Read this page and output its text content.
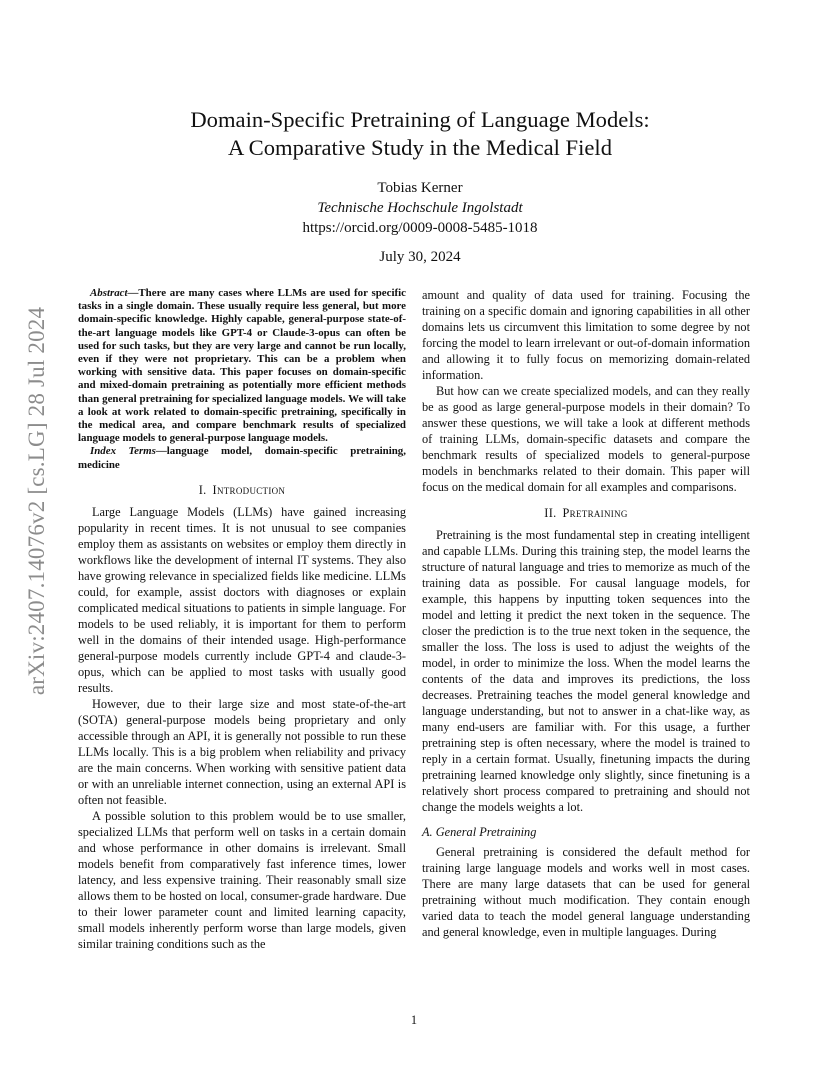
arXiv:2407.14076v2 [cs.LG] 28 Jul 2024
Domain-Specific Pretraining of Language Models:
A Comparative Study in the Medical Field
Tobias Kerner
Technische Hochschule Ingolstadt
https://orcid.org/0009-0008-5485-1018
July 30, 2024

Abstract—There are many cases where LLMs are used for specific tasks in a single domain. These usually require less general, but more domain-specific knowledge. Highly capable, general-purpose state-of-the-art language models like GPT-4 or Claude-3-opus can often be used for such tasks, but they are very large and cannot be run locally, even if they were not proprietary. This can be a problem when working with sensitive data. This paper focuses on domain-specific and mixed-domain pretraining as potentially more efficient methods than general pretraining for specialized language models. We will take a look at work related to domain-specific pretraining, specifically in the medical area, and compare benchmark results of specialized language models to general-purpose language models.

Index Terms—language model, domain-specific pretraining, medicine

I. Introduction

Large Language Models (LLMs) have gained increasing popularity in recent times. It is not unusual to see companies employ them as assistants on websites or employ them directly in workflows like the development of internal IT systems. They also have growing relevance in specialized fields like medicine. LLMs could, for example, assist doctors with diagnoses or explain complicated medical situations to patients in simple language. For models to be used reliably, it is important for them to perform well in the domains of their intended usage. High-performance general-purpose models currently include GPT-4 and claude-3-opus, which can be applied to most tasks with usually good results.

However, due to their large size and most state-of-the-art (SOTA) general-purpose models being proprietary and only accessible through an API, it is generally not possible to run these LLMs locally. This is a big problem when reliability and privacy are the main concerns. When working with sensitive patient data or with an unreliable internet connection, using an external API is often not feasible.

A possible solution to this problem would be to use smaller, specialized LLMs that perform well on tasks in a certain domain and whose performance in other domains is irrelevant. Small models benefit from comparatively fast inference times, lower latency, and less expensive training. Their reasonably small size allows them to be hosted on local, consumer-grade hardware. Due to their lower parameter count and limited learning capacity, small models inherently perform worse than large models, given similar training conditions such as the

amount and quality of data used for training. Focusing the training on a specific domain and ignoring capabilities in all other domains lets us circumvent this limitation to some degree by not forcing the model to learn irrelevant or out-of-domain information and allowing it to fully focus on memorizing domain-related information.

But how can we create specialized models, and can they really be as good as large general-purpose models in their domain? To answer these questions, we will take a look at different methods of training LLMs, domain-specific datasets and compare the benchmark results of specialized models to general-purpose models in benchmarks related to their domain. This paper will focus on the medical domain for all examples and comparisons.

II. Pretraining

Pretraining is the most fundamental step in creating intelligent and capable LLMs. During this training step, the model learns the structure of natural language and tries to memorize as much of the training data as possible. For causal language models, for example, this happens by inputting token sequences into the model and letting it predict the next token in the sequence. The closer the prediction is to the true next token in the sequence, the smaller the loss. The loss is used to adjust the weights of the model, in order to minimize the loss. When the model learns the contents of the data and improves its predictions, the loss decreases. Pretraining teaches the model general knowledge and language understanding, but not to answer in a chat-like way, as many end-users are familiar with. For this usage, a further pretraining step is often necessary, where the model is trained to reply in a certain format. Usually, finetuning impacts the during pretraining learned knowledge only slightly, since finetuning is a relatively short process compared to pretraining and should not change the models weights a lot.

A. General Pretraining

General pretraining is considered the default method for training large language models and works well in most cases. There are many large datasets that can be used for general pretraining without much modification. They contain enough varied data to teach the model general language understanding and general knowledge, even in multiple languages. During

1
